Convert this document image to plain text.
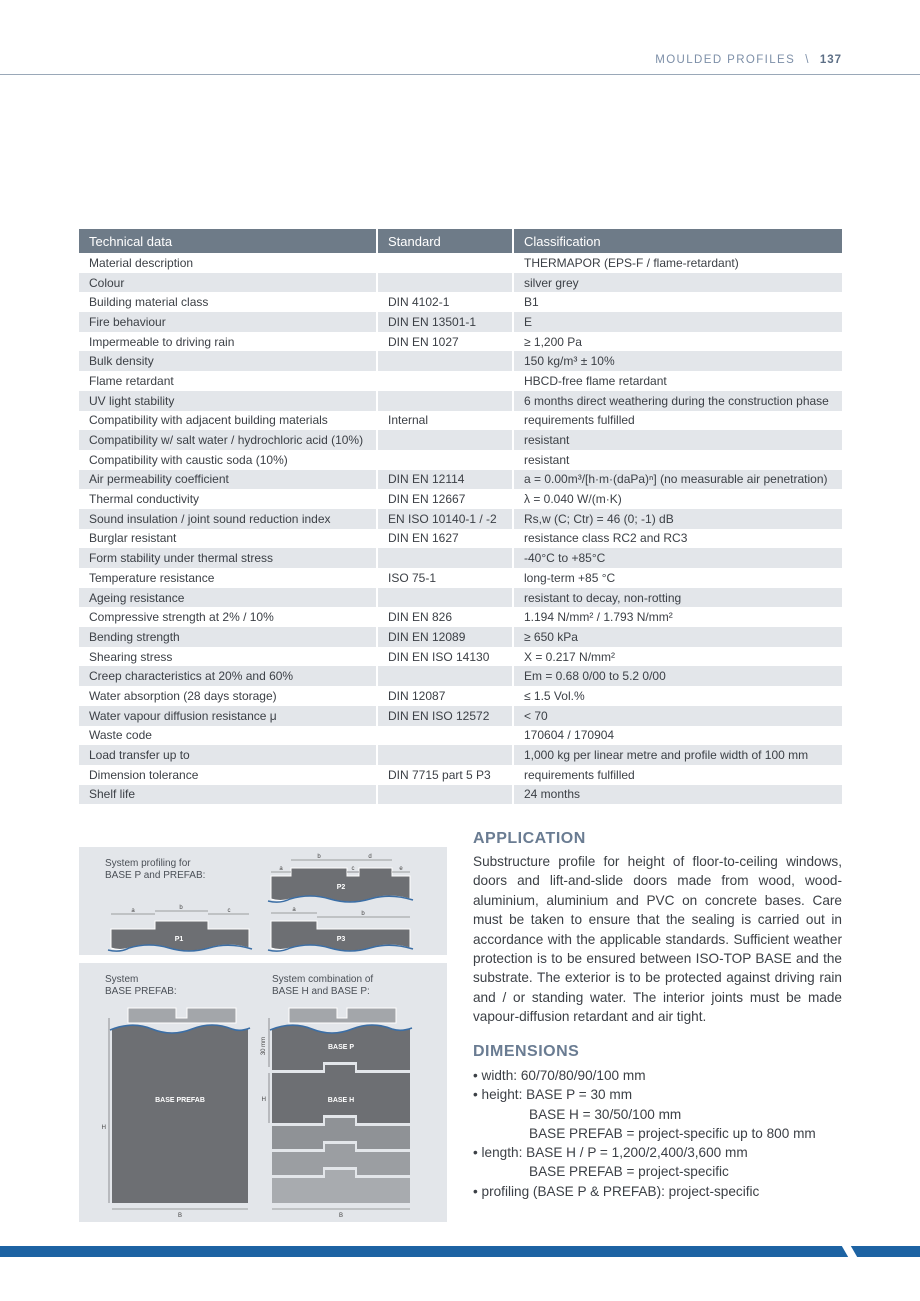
MOULDED PROFILES \ 137
Technical data	Standard	Classification
Material description		THERMAPOR (EPS-F / flame-retardant)
Colour		silver grey
Building material class	DIN 4102-1	B1
Fire behaviour	DIN EN 13501-1	E
Impermeable to driving rain	DIN EN 1027	≥ 1,200 Pa
Bulk density		150 kg/m³ ± 10%
Flame retardant		HBCD-free flame retardant
UV light stability		6 months direct weathering during the construction phase
Compatibility with adjacent building materials	Internal	requirements fulfilled
Compatibility w/ salt water / hydrochloric acid (10%)		resistant
Compatibility with caustic soda (10%)		resistant
Air permeability coefficient	DIN EN 12114	a = 0.00m³/[h·m·(daPa)ⁿ] (no measurable air penetration)
Thermal conductivity	DIN EN 12667	λ = 0.040 W/(m·K)
Sound insulation / joint sound reduction index	EN ISO 10140-1 / -2	Rs,w (C; Ctr) = 46 (0; -1) dB
Burglar resistant	DIN EN 1627	resistance class RC2 and RC3
Form stability under thermal stress		-40°C to +85°C
Temperature resistance	ISO 75-1	long-term +85 °C
Ageing resistance		resistant to decay, non-rotting
Compressive strength at 2% / 10%	DIN EN 826	1.194 N/mm² / 1.793 N/mm²
Bending strength	DIN EN 12089	≥ 650 kPa
Shearing stress	DIN EN ISO 14130	X = 0.217 N/mm²
Creep characteristics at 20% and 60%		Em = 0.68 0/00 to 5.2 0/00
Water absorption (28 days storage)	DIN 12087	≤ 1.5 Vol.%
Water vapour diffusion resistance μ	DIN EN ISO 12572	< 70
Waste code		170604 / 170904
Load transfer up to		1,000 kg per linear metre and profile width of 100 mm
Dimension tolerance	DIN 7715 part 5 P3	requirements fulfilled
Shelf life		24 months
System profiling for
BASE P and PREFAB:
b	d
a	c	e
a	b	c	a
b
P2
P1	P3
System
BASE PREFAB:
System combination of
BASE H and BASE P:
BASE PREFAB
B
H
BASE P
BASE H
B
H
30 mm
APPLICATION

Substructure profile for height of floor-to-ceiling windows, doors and lift-and-slide doors made from wood, wood-aluminium, aluminium and PVC on concrete bases. Care must be taken to ensure that the sealing is carried out in accordance with the applicable standards. Sufficient weather protection is to be ensured between ISO-TOP BASE and the substrate. The exterior is to be protected against driving rain and / or standing water. The interior joints must be made vapour-diffusion retardant and air tight.

DIMENSIONS
• width: 60/70/80/90/100 mm
• height: BASE P = 30 mm
BASE H = 30/50/100 mm
BASE PREFAB = project-specific up to 800 mm
• length: BASE H / P = 1,200/2,400/3,600 mm
BASE PREFAB = project-specific
• profiling (BASE P & PREFAB): project-specific
